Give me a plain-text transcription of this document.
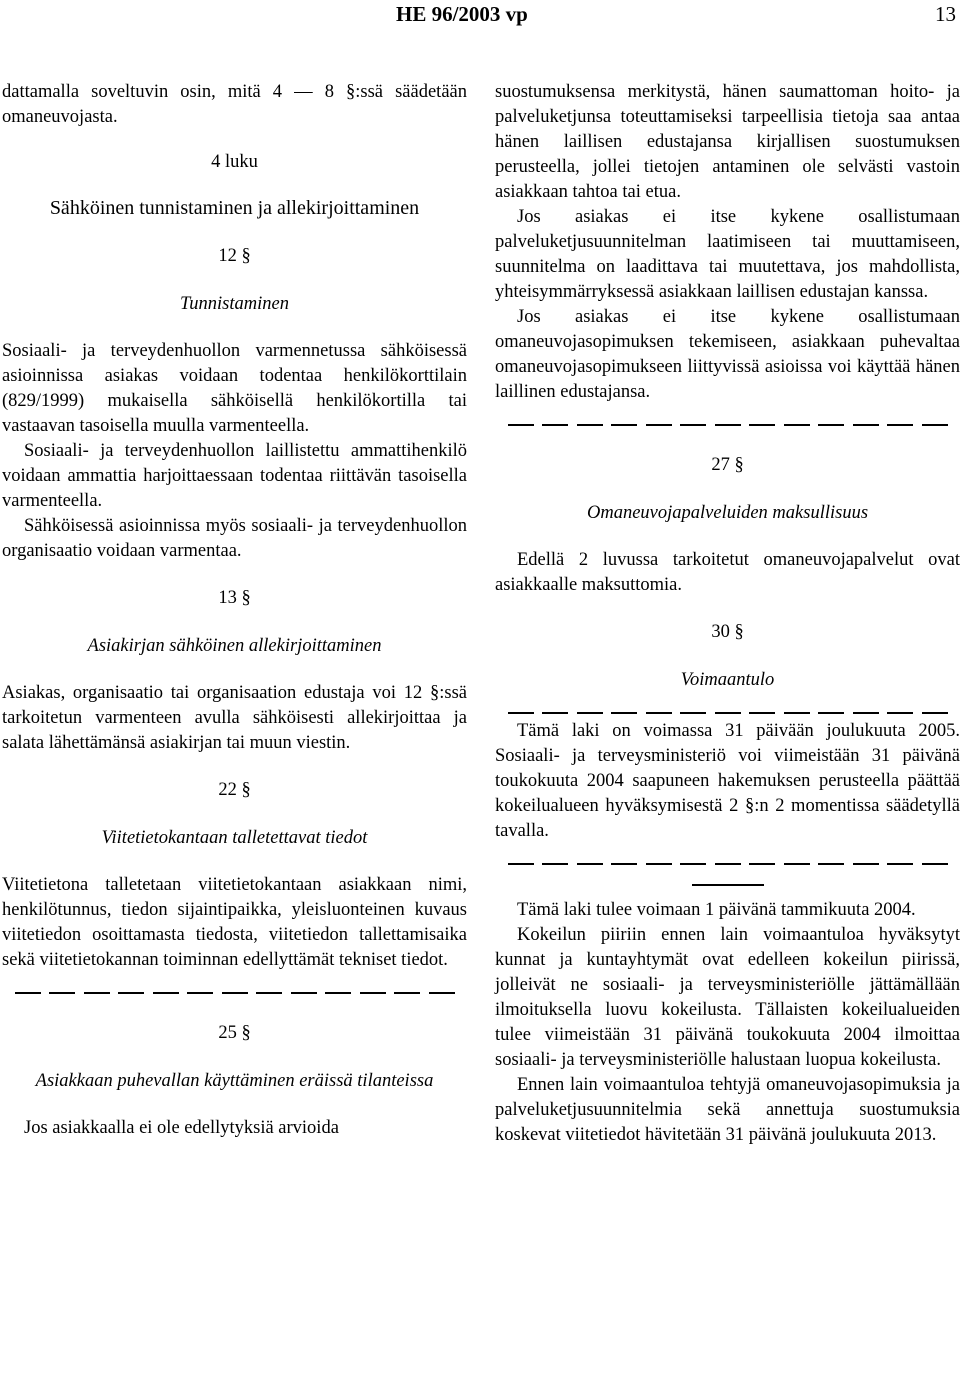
HE 96/2003 vp	13

dattamalla soveltuvin osin, mitä 4 — 8 §:ssä säädetään omaneuvojasta.

4 luku
Sähköinen tunnistaminen ja allekirjoittaminen
12 §
Tunnistaminen

Sosiaali- ja terveydenhuollon varmennetussa sähköisessä asioinnissa asiakas voidaan todentaa henkilökorttilain (829/1999) mukaisella sähköisellä henkilökortilla tai vastaavan tasoisella muulla varmenteella.

Sosiaali- ja terveydenhuollon laillistettu ammattihenkilö voidaan ammattia harjoittaessaan todentaa riittävän tasoisella varmenteella.

Sähköisessä asioinnissa myös sosiaali- ja terveydenhuollon organisaatio voidaan varmentaa.

13 §
Asiakirjan sähköinen allekirjoittaminen

Asiakas, organisaatio tai organisaation edustaja voi 12 §:ssä tarkoitetun varmenteen avulla sähköisesti allekirjoittaa ja salata lähettämänsä asiakirjan tai muun viestin.

22 §
Viitetietokantaan talletettavat tiedot

Viitetietona talletetaan viitetietokantaan asiakkaan nimi, henkilötunnus, tiedon sijaintipaikka, yleisluonteinen kuvaus viitetiedon osoittamasta tiedosta, viitetiedon tallettamisaika sekä viitetietokannan toiminnan edellyttämät tekniset tiedot.

25 §
Asiakkaan puhevallan käyttäminen eräissä tilanteissa

Jos asiakkaalla ei ole edellytyksiä arvioida

suostumuksensa merkitystä, hänen saumattoman hoito- ja palveluketjunsa toteuttamiseksi tarpeellisia tietoja saa antaa hänen laillisen edustajansa kirjallisen suostumuksen perusteella, jollei tietojen antaminen ole selvästi vastoin asiakkaan tahtoa tai etua.

Jos asiakas ei itse kykene osallistumaan palveluketjusuunnitelman laatimiseen tai muuttamiseen, suunnitelma on laadittava tai muutettava, jos mahdollista, yhteisymmärryksessä asiakkaan laillisen edustajan kanssa.

Jos asiakas ei itse kykene osallistumaan omaneuvojasopimuksen tekemiseen, asiakkaan puhevaltaa omaneuvojasopimukseen liittyvissä asioissa voi käyttää hänen laillinen edustajansa.

27 §
Omaneuvojapalveluiden maksullisuus

Edellä 2 luvussa tarkoitetut omaneuvojapalvelut ovat asiakkaalle maksuttomia.

30 §
Voimaantulo

Tämä laki on voimassa 31 päivään joulukuuta 2005. Sosiaali- ja terveysministeriö voi viimeistään 31 päivänä toukokuuta 2004 saapuneen hakemuksen perusteella päättää kokeilualueen hyväksymisestä 2 §:n 2 momentissa säädetyllä tavalla.

Tämä laki tulee voimaan 1 päivänä tammikuuta 2004.

Kokeilun piiriin ennen lain voimaantuloa hyväksytyt kunnat ja kuntayhtymät ovat edelleen kokeilun piirissä, jolleivät ne sosiaali- ja terveysministeriölle jättämällään ilmoituksella luovu kokeilusta. Tällaisten kokeilualueiden tulee viimeistään 31 päivänä toukokuuta 2004 ilmoittaa sosiaali- ja terveysministeriölle halustaan luopua kokeilusta.

Ennen lain voimaantuloa tehtyjä omaneuvojasopimuksia ja palveluketjusuunnitelmia sekä annettuja suostumuksia koskevat viitetiedot hävitetään 31 päivänä joulukuuta 2013.
